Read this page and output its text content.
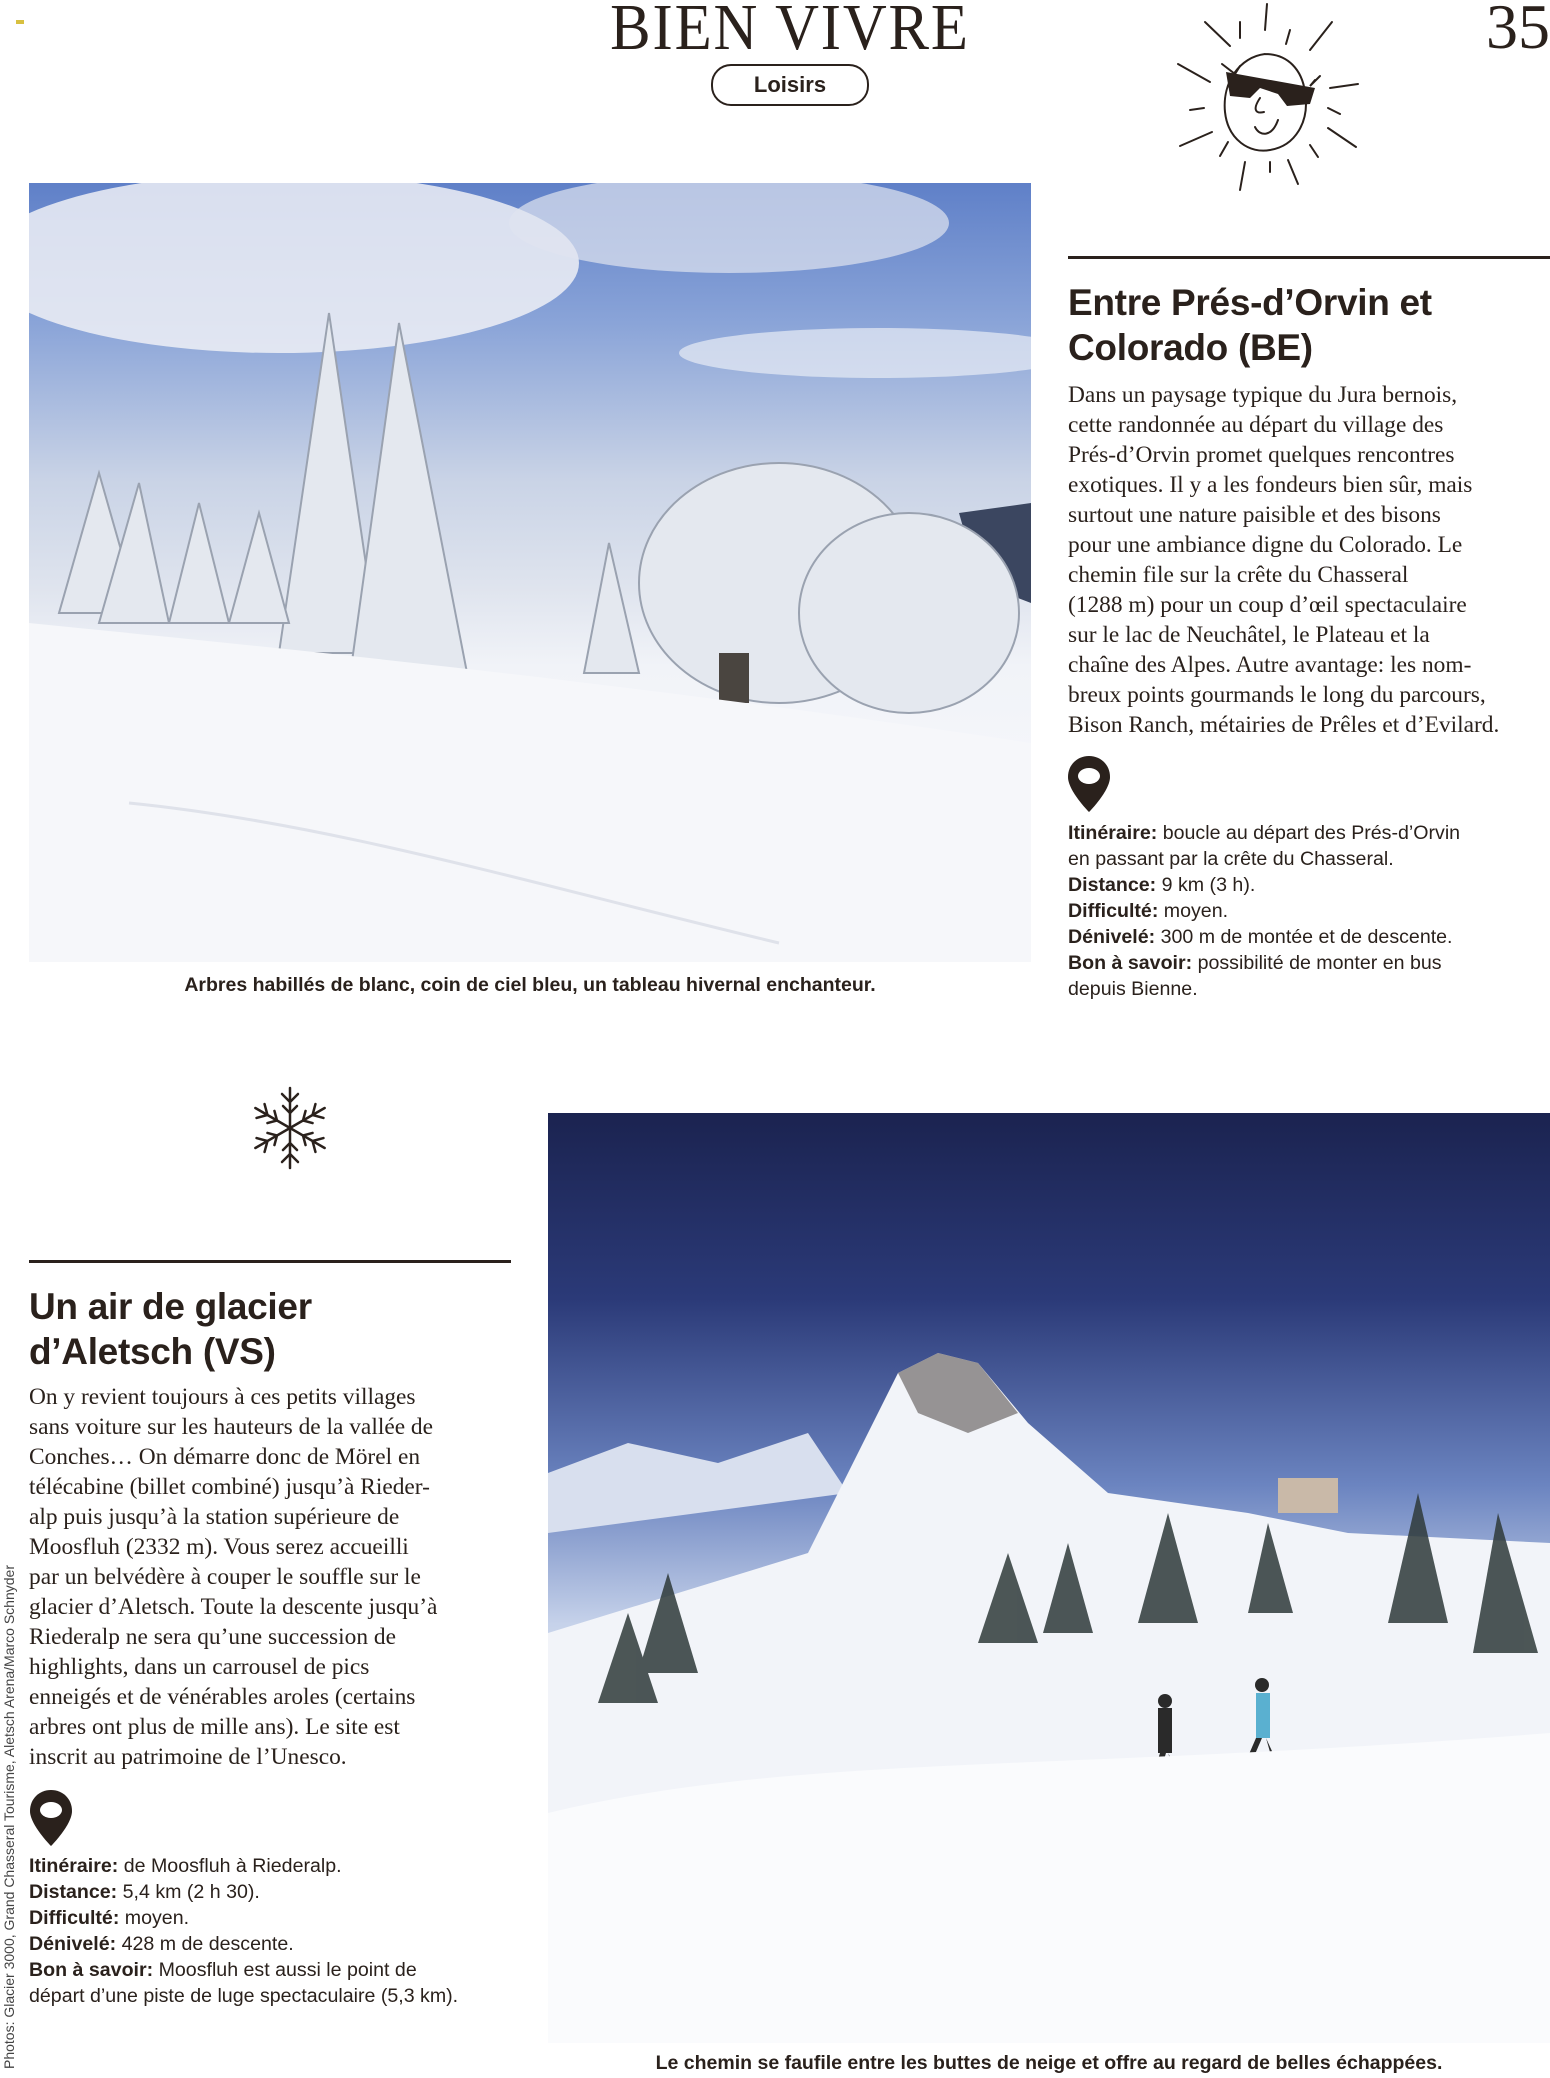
BIEN VIVRE
Loisirs
35
Arbres habillés de blanc, coin de ciel bleu, un tableau hivernal enchanteur.
Entre Prés-d’Orvin et
Colorado (BE)
Dans un paysage typique du Jura bernois,
cette randonnée au départ du village des
Prés-d’Orvin promet quelques rencontres
exotiques. Il y a les fondeurs bien sûr, mais
surtout une nature paisible et des bisons
pour une ambiance digne du Colorado. Le
chemin file sur la crête du Chasseral
(1288 m) pour un coup d’œil spectaculaire
sur le lac de Neuchâtel, le Plateau et la
chaîne des Alpes. Autre avantage: les nom-
breux points gourmands le long du parcours,
Bison Ranch, métairies de Prêles et d’Evilard.
Itinéraire: boucle au départ des Prés-d’Orvin
en passant par la crête du Chasseral.
Distance: 9 km (3 h).
Difficulté: moyen.
Dénivelé: 300 m de montée et de descente.
Bon à savoir: possibilité de monter en bus
depuis Bienne.
Un air de glacier
d’Aletsch (VS)
On y revient toujours à ces petits villages
sans voiture sur les hauteurs de la vallée de
Conches… On démarre donc de Mörel en
télécabine (billet combiné) jusqu’à Rieder-
alp puis jusqu’à la station supérieure de
Moosfluh (2332 m). Vous serez accueilli
par un belvédère à couper le souffle sur le
glacier d’Aletsch. Toute la descente jusqu’à
Riederalp ne sera qu’une succession de
highlights, dans un carrousel de pics
enneigés et de vénérables aroles (certains
arbres ont plus de mille ans). Le site est
inscrit au patrimoine de l’Unesco.
Itinéraire: de Moosfluh à Riederalp.
Distance: 5,4 km (2 h 30).
Difficulté: moyen.
Dénivelé: 428 m de descente.
Bon à savoir: Moosfluh est aussi le point de
départ d’une piste de luge spectaculaire (5,3 km).
Le chemin se faufile entre les buttes de neige et offre au regard de belles échappées.
Photos: Glacier 3000, Grand Chasseral Tourisme, Aletsch Arena/Marco Schnyder
